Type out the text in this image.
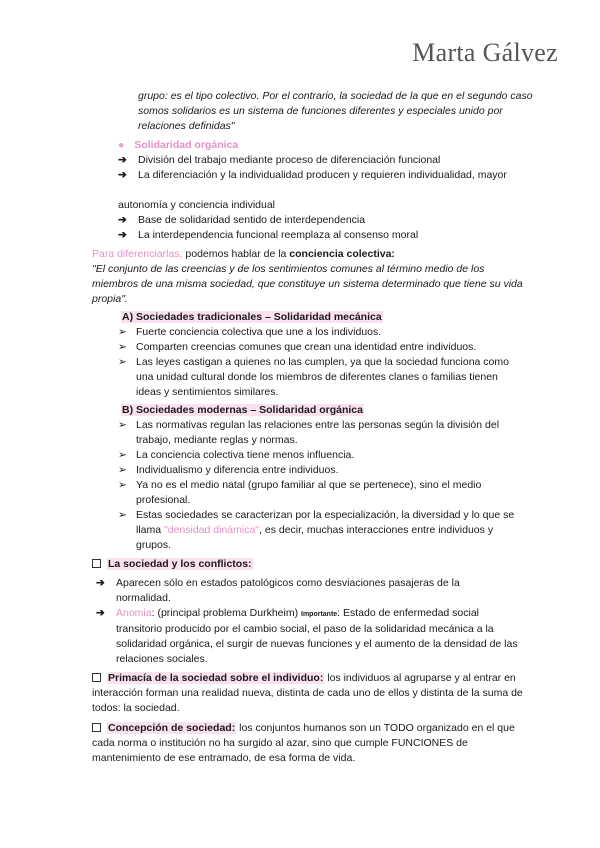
Marta Gálvez
grupo: es el tipo colectivo. Por el contrario, la sociedad de la que en el segundo caso somos solidarios es un sistema de funciones diferentes y especiales unido por relaciones definidas"
● Solidaridad orgánica
➔ División del trabajo mediante proceso de diferenciación funcional
➔ La diferenciación y la individualidad producen y requieren individualidad, mayor
autonomía y conciencia individual
➔ Base de solidaridad sentido de interdependencia
➔ La interdependencia funcional reemplaza al consenso moral
Para diferenciarlas, podemos hablar de la conciencia colectiva:
"El conjunto de las creencias y de los sentimientos comunes al término medio de los miembros de una misma sociedad, que constituye un sistema determinado que tiene su vida propia".
A) Sociedades tradicionales – Solidaridad mecánica
➢ Fuerte conciencia colectiva que une a los individuos.
➢ Comparten creencias comunes que crean una identidad entre individuos.
➢ Las leyes castigan a quienes no las cumplen, ya que la sociedad funciona como una unidad cultural donde los miembros de diferentes clanes o familias tienen ideas y sentimientos similares.
B) Sociedades modernas – Solidaridad orgánica
➢ Las normativas regulan las relaciones entre las personas según la división del trabajo, mediante reglas y normas.
➢ La conciencia colectiva tiene menos influencia.
➢ Individualismo y diferencia entre individuos.
➢ Ya no es el medio natal (grupo familiar al que se pertenece), sino el medio profesional.
➢ Estas sociedades se caracterizan por la especialización, la diversidad y lo que se llama "densidad dinámica", es decir, muchas interacciones entre individuos y grupos.
La sociedad y los conflictos:
➔	Aparecen sólo en estados patológicos como desviaciones pasajeras de la normalidad.
➔	Anomia: (principal problema Durkheim) Importante: Estado de enfermedad social transitorio producido por el cambio social, el paso de la solidaridad mecánica a la solidaridad orgánica, el surgir de nuevas funciones y el aumento de la densidad de las relaciones sociales.
Primacía de la sociedad sobre el individuo: los individuos al agruparse y al entrar en interacción forman una realidad nueva, distinta de cada uno de ellos y distinta de la suma de todos: la sociedad.
Concepción de sociedad: los conjuntos humanos son un TODO organizado en el que cada norma o institución no ha surgido al azar, sino que cumple FUNCIONES de mantenimiento de ese entramado, de esa forma de vida.
